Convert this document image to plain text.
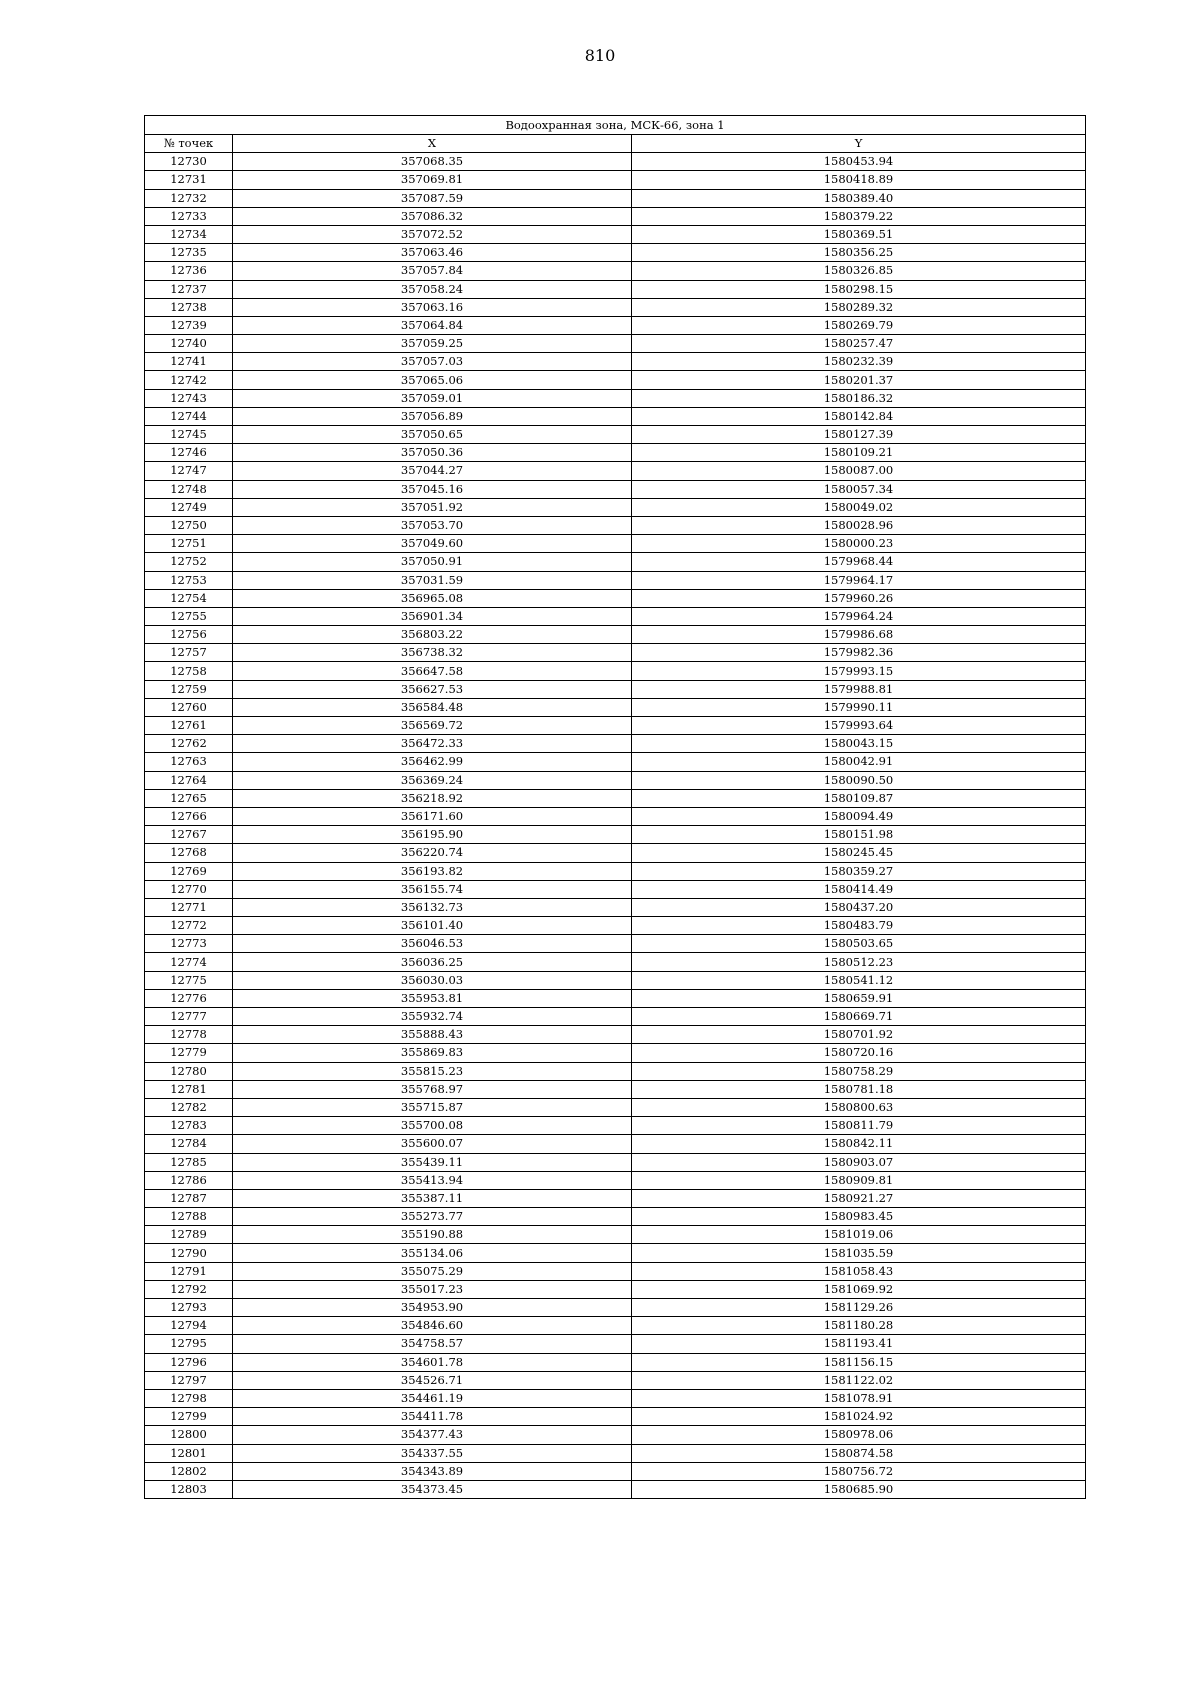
810
Водоохранная зона, МСК-66, зона 1		
№ точек	X	Y
12730	357068.35	1580453.94
12731	357069.81	1580418.89
12732	357087.59	1580389.40
12733	357086.32	1580379.22
12734	357072.52	1580369.51
12735	357063.46	1580356.25
12736	357057.84	1580326.85
12737	357058.24	1580298.15
12738	357063.16	1580289.32
12739	357064.84	1580269.79
12740	357059.25	1580257.47
12741	357057.03	1580232.39
12742	357065.06	1580201.37
12743	357059.01	1580186.32
12744	357056.89	1580142.84
12745	357050.65	1580127.39
12746	357050.36	1580109.21
12747	357044.27	1580087.00
12748	357045.16	1580057.34
12749	357051.92	1580049.02
12750	357053.70	1580028.96
12751	357049.60	1580000.23
12752	357050.91	1579968.44
12753	357031.59	1579964.17
12754	356965.08	1579960.26
12755	356901.34	1579964.24
12756	356803.22	1579986.68
12757	356738.32	1579982.36
12758	356647.58	1579993.15
12759	356627.53	1579988.81
12760	356584.48	1579990.11
12761	356569.72	1579993.64
12762	356472.33	1580043.15
12763	356462.99	1580042.91
12764	356369.24	1580090.50
12765	356218.92	1580109.87
12766	356171.60	1580094.49
12767	356195.90	1580151.98
12768	356220.74	1580245.45
12769	356193.82	1580359.27
12770	356155.74	1580414.49
12771	356132.73	1580437.20
12772	356101.40	1580483.79
12773	356046.53	1580503.65
12774	356036.25	1580512.23
12775	356030.03	1580541.12
12776	355953.81	1580659.91
12777	355932.74	1580669.71
12778	355888.43	1580701.92
12779	355869.83	1580720.16
12780	355815.23	1580758.29
12781	355768.97	1580781.18
12782	355715.87	1580800.63
12783	355700.08	1580811.79
12784	355600.07	1580842.11
12785	355439.11	1580903.07
12786	355413.94	1580909.81
12787	355387.11	1580921.27
12788	355273.77	1580983.45
12789	355190.88	1581019.06
12790	355134.06	1581035.59
12791	355075.29	1581058.43
12792	355017.23	1581069.92
12793	354953.90	1581129.26
12794	354846.60	1581180.28
12795	354758.57	1581193.41
12796	354601.78	1581156.15
12797	354526.71	1581122.02
12798	354461.19	1581078.91
12799	354411.78	1581024.92
12800	354377.43	1580978.06
12801	354337.55	1580874.58
12802	354343.89	1580756.72
12803	354373.45	1580685.90
